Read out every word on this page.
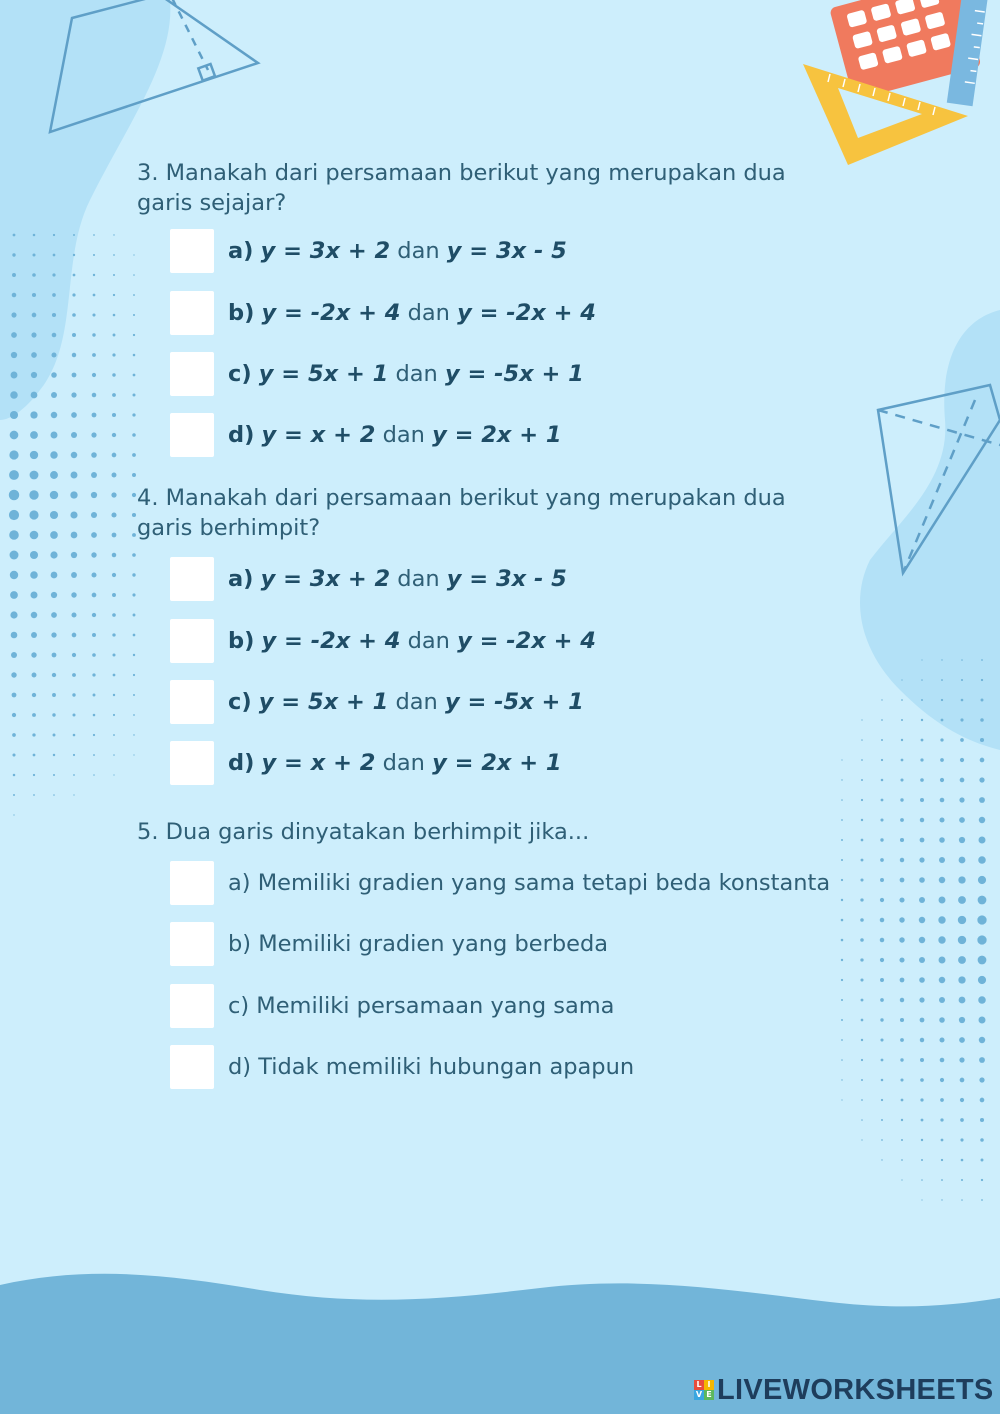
3. Manakah dari persamaan berikut yang merupakan dua garis sejajar?

a) y = 3x + 2 dan y = 3x - 5
b) y = -2x + 4 dan y = -2x + 4
c) y = 5x + 1 dan y = -5x + 1
d) y = x + 2 dan y = 2x + 1

4. Manakah dari persamaan berikut yang merupakan dua garis berhimpit?

a) y = 3x + 2 dan y = 3x - 5
b) y = -2x + 4 dan y = -2x + 4
c) y = 5x + 1 dan y = -5x + 1
d) y = x + 2 dan y = 2x + 1

5. Dua garis dinyatakan berhimpit jika...

a) Memiliki gradien yang sama tetapi beda konstanta
b) Memiliki gradien yang berbeda
c) Memiliki persamaan yang sama
d) Tidak memiliki hubungan apapun
L I
V E LIVEWORKSHEETS
